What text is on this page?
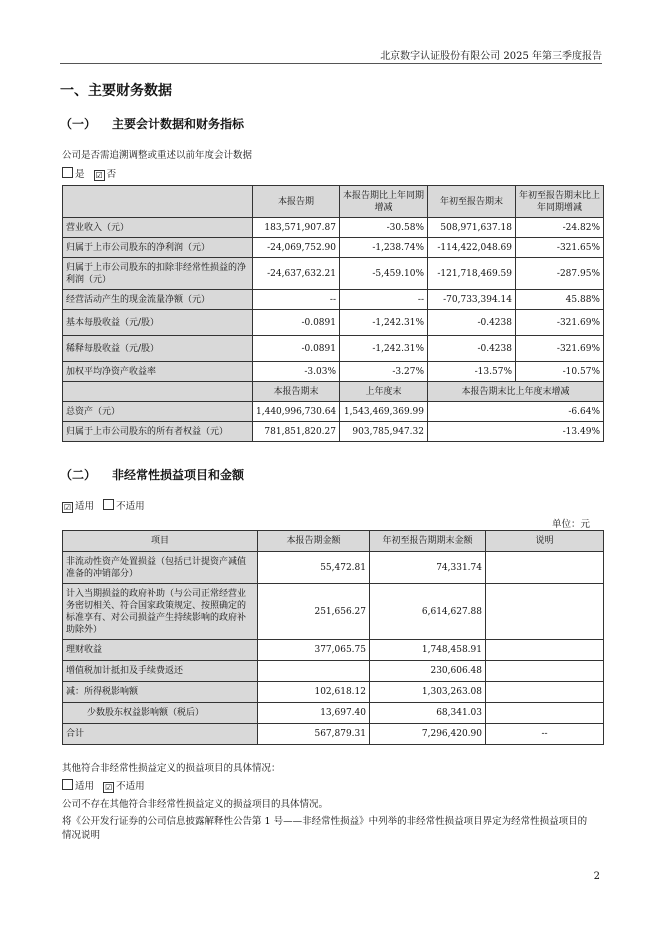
北京数字认证股份有限公司 2025 年第三季度报告
一、主要财务数据
（一） 主要会计数据和财务指标
公司是否需追溯调整或重述以前年度会计数据
是 ☑ 否
	本报告期	本报告期比上年同期增减	年初至报告期末	年初至报告期末比上年同期增减
营业收入（元）	183,571,907.87	-30.58%	508,971,637.18	-24.82%
归属于上市公司股东的净利润（元）	-24,069,752.90	-1,238.74%	-114,422,048.69	-321.65%
归属于上市公司股东的扣除非经常性损益的净利润（元）	-24,637,632.21	-5,459.10%	-121,718,469.59	-287.95%
经营活动产生的现金流量净额（元）	--	--	-70,733,394.14	45.88%
基本每股收益（元/股）	-0.0891	-1,242.31%	-0.4238	-321.69%
稀释每股收益（元/股）	-0.0891	-1,242.31%	-0.4238	-321.69%
加权平均净资产收益率	-3.03%	-3.27%	-13.57%	-10.57%
	本报告期末	上年度末	本报告期末比上年度末增减	
总资产（元）	1,440,996,730.64	1,543,469,369.99	-6.64%	
归属于上市公司股东的所有者权益（元）	781,851,820.27	903,785,947.32	-13.49%	
（二） 非经常性损益项目和金额
☑ 适用 不适用
单位：元
项目	本报告期金额	年初至报告期期末金额	说明
非流动性资产处置损益（包括已计提资产减值准备的冲销部分）	55,472.81	74,331.74	
计入当期损益的政府补助（与公司正常经营业务密切相关、符合国家政策规定、按照确定的标准享有、对公司损益产生持续影响的政府补助除外）	251,656.27	6,614,627.88	
理财收益	377,065.75	1,748,458.91	
增值税加计抵扣及手续费返还		230,606.48	
减：所得税影响额	102,618.12	1,303,263.08	
少数股东权益影响额（税后）	13,697.40	68,341.03	
合计	567,879.31	7,296,420.90	--
其他符合非经常性损益定义的损益项目的具体情况：
适用 ☑ 不适用
公司不存在其他符合非经常性损益定义的损益项目的具体情况。
将《公开发行证券的公司信息披露解释性公告第 1 号——非经常性损益》中列举的非经常性损益项目界定为经常性损益项目的情况说明
2
